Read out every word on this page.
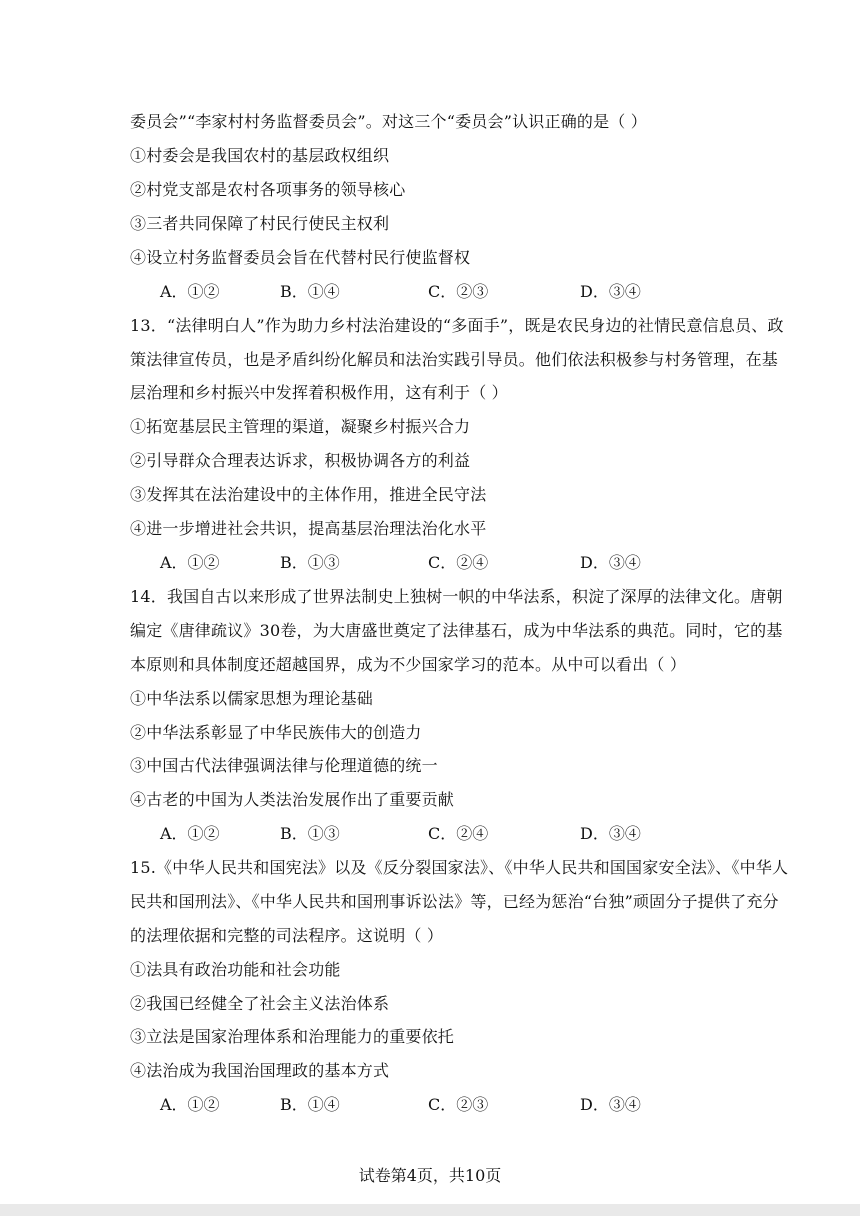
委员会”“李家村村务监督委员会”。对这三个“委员会”认识正确的是（ ）
①村委会是我国农村的基层政权组织
②村党支部是农村各项事务的领导核心
③三者共同保障了村民行使民主权利
④设立村务监督委员会旨在代替村民行使监督权
A．①②	B．①④	C．②③	D．③④
13．“法律明白人”作为助力乡村法治建设的“多面手”，既是农民身边的社情民意信息员、政
策法律宣传员，也是矛盾纠纷化解员和法治实践引导员。他们依法积极参与村务管理，在基
层治理和乡村振兴中发挥着积极作用，这有利于（ ）
①拓宽基层民主管理的渠道，凝聚乡村振兴合力
②引导群众合理表达诉求，积极协调各方的利益
③发挥其在法治建设中的主体作用，推进全民守法
④进一步增进社会共识，提高基层治理法治化水平
A．①②	B．①③	C．②④	D．③④
14．我国自古以来形成了世界法制史上独树一帜的中华法系，积淀了深厚的法律文化。唐朝
编定《唐律疏议》30卷，为大唐盛世奠定了法律基石，成为中华法系的典范。同时，它的基
本原则和具体制度还超越国界，成为不少国家学习的范本。从中可以看出（ ）
①中华法系以儒家思想为理论基础
②中华法系彰显了中华民族伟大的创造力
③中国古代法律强调法律与伦理道德的统一
④古老的中国为人类法治发展作出了重要贡献
A．①②	B．①③	C．②④	D．③④
15.《中华人民共和国宪法》以及《反分裂国家法》、《中华人民共和国国家安全法》、《中华人
民共和国刑法》、《中华人民共和国刑事诉讼法》等，已经为惩治“台独”顽固分子提供了充分
的法理依据和完整的司法程序。这说明（ ）
①法具有政治功能和社会功能
②我国已经健全了社会主义法治体系
③立法是国家治理体系和治理能力的重要依托
④法治成为我国治国理政的基本方式
A．①②	B．①④	C．②③	D．③④
试卷第4页，共10页
